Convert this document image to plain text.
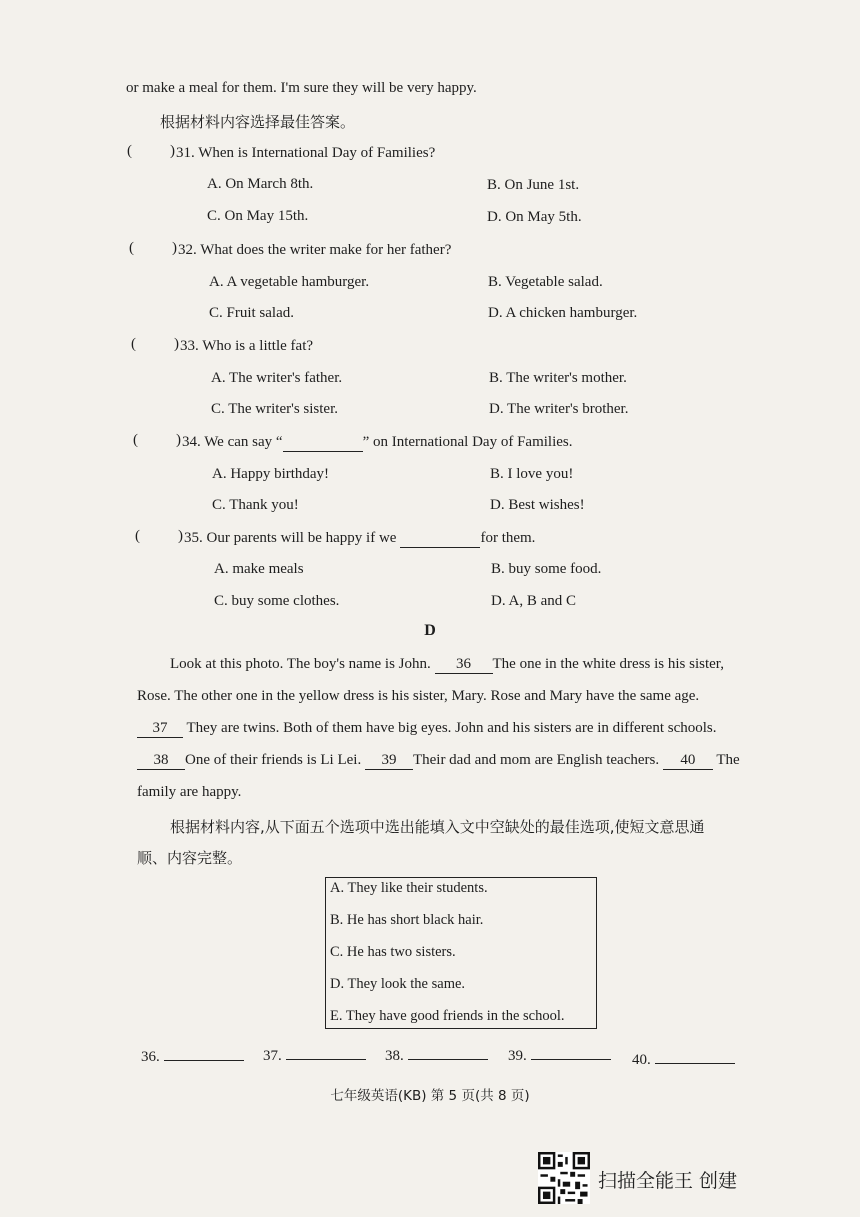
or make a meal for them. I'm sure they will be very happy.
根据材料内容选择最佳答案。
(	) 31. When is International Day of Families?
A. On March 8th.	B. On June 1st.
C. On May 15th.	D. On May 5th.
(	) 32. What does the writer make for her father?
A. A vegetable hamburger.	B. Vegetable salad.
C. Fruit salad.	D. A chicken hamburger.
(	) 33. Who is a little fat?
A. The writer's father.	B. The writer's mother.
C. The writer's sister.	D. The writer's brother.
(	) 34. We can say “	” on International Day of Families.
A. Happy birthday!	B. I love you!
C. Thank you!	D. Best wishes!
(	) 35. Our parents will be happy if we	for them.
A. make meals	B. buy some food.
C. buy some clothes.	D. A, B and C
D
Look at this photo. The boy's name is John. 36 The one in the white dress is his sister,
Rose. The other one in the yellow dress is his sister, Mary. Rose and Mary have the same age.
37 They are twins. Both of them have big eyes. John and his sisters are in different schools.
38 One of their friends is Li Lei. 39 Their dad and mom are English teachers. 40 The
family are happy.
根据材料内容,从下面五个选项中选出能填入文中空缺处的最佳选项,使短文意思通
顺、内容完整。
A. They like their students.
B. He has short black hair.
C. He has two sisters.
D. They look the same.
E. They have good friends in the school.
36.	37.	38.	39.	40.
七年级英语(KB) 第 5 页(共 8 页)
扫描全能王 创建
